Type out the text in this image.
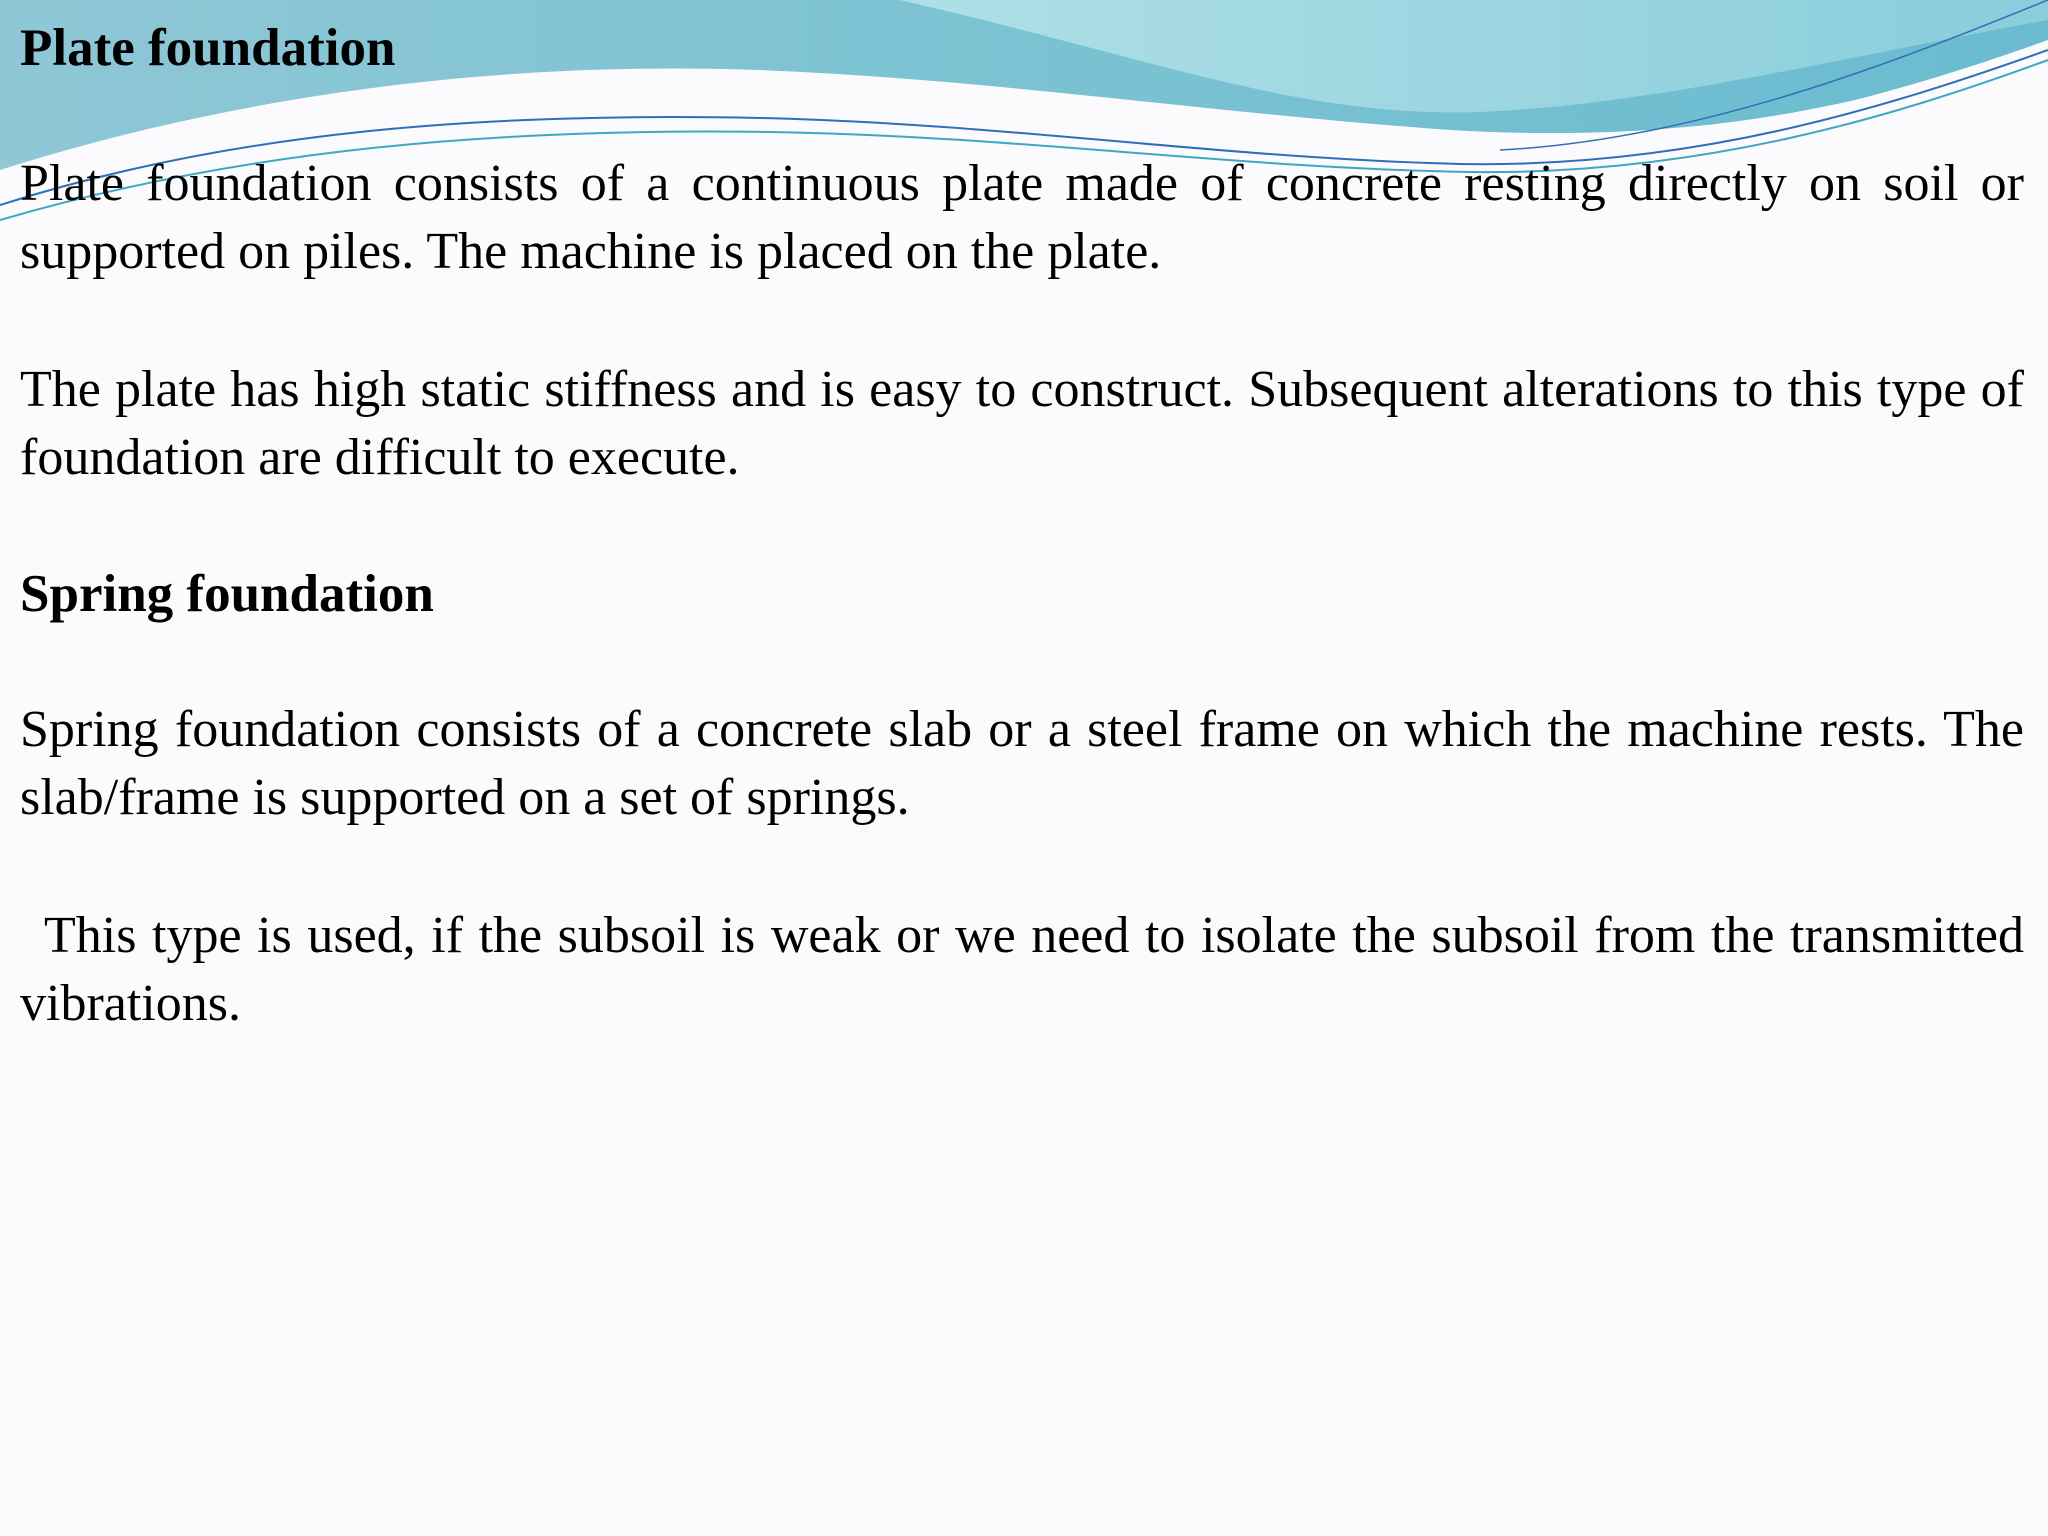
Plate foundation

Plate foundation consists of a continuous plate made of concrete resting directly on soil or supported on piles. The machine is placed on the plate.

The plate has high static stiffness and is easy to construct. Subsequent alterations to this type of foundation are difficult to execute.

Spring foundation

Spring foundation consists of a concrete slab or a steel frame on which the machine rests. The slab/frame is supported on a set of springs.

This type is used, if the subsoil is weak or we need to isolate the subsoil from the transmitted vibrations.
